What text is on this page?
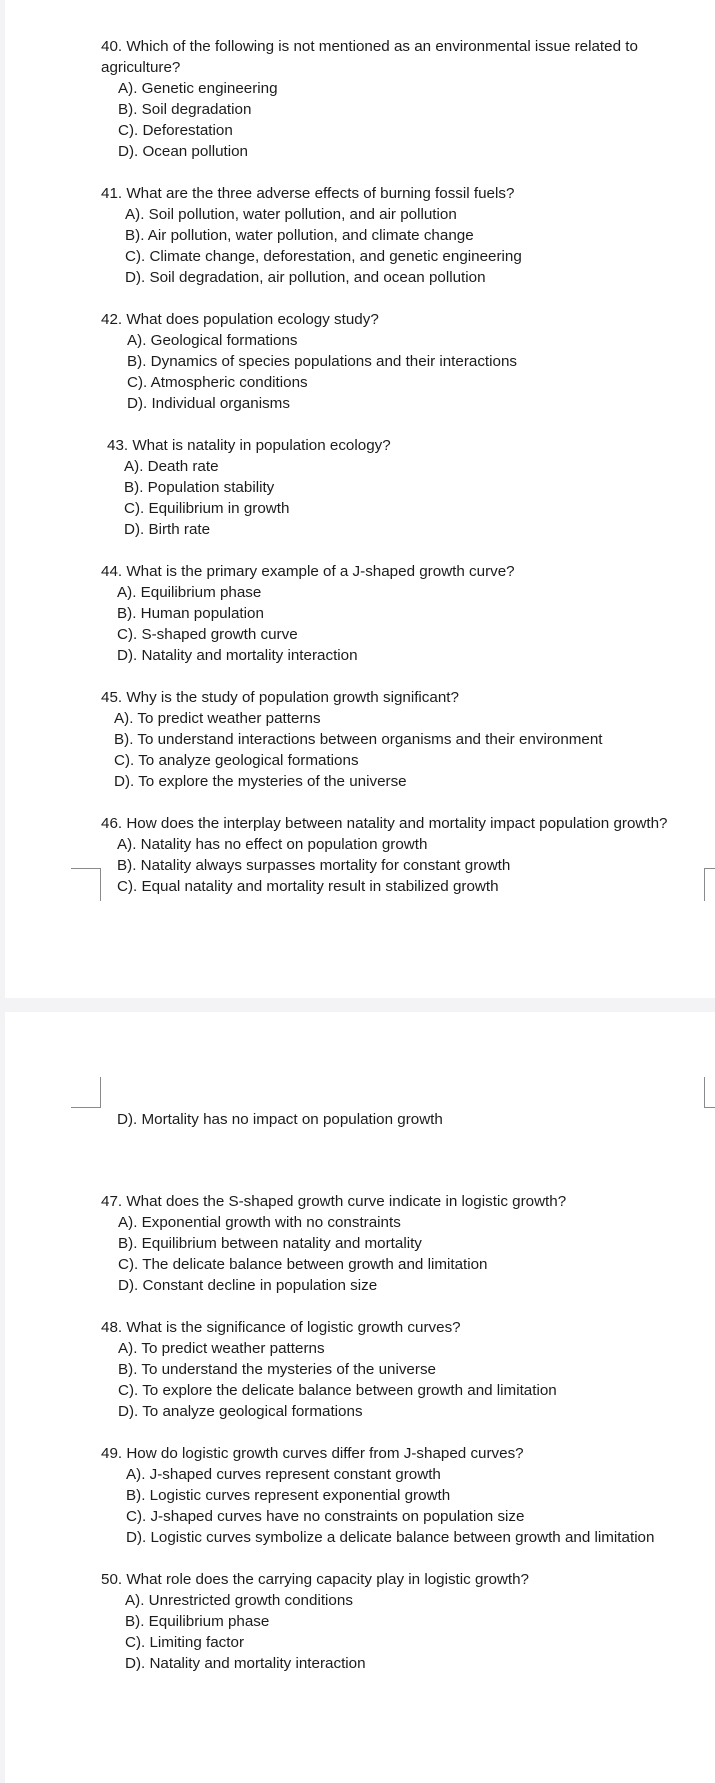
40. Which of the following is not mentioned as an environmental issue related to
agriculture?
A). Genetic engineering
B). Soil degradation
C). Deforestation
D). Ocean pollution
41. What are the three adverse effects of burning fossil fuels?
A). Soil pollution, water pollution, and air pollution
B). Air pollution, water pollution, and climate change
C). Climate change, deforestation, and genetic engineering
D). Soil degradation, air pollution, and ocean pollution
42. What does population ecology study?
A). Geological formations
B). Dynamics of species populations and their interactions
C). Atmospheric conditions
D). Individual organisms
43. What is natality in population ecology?
A). Death rate
B). Population stability
C). Equilibrium in growth
D). Birth rate
44. What is the primary example of a J-shaped growth curve?
A). Equilibrium phase
B). Human population
C). S-shaped growth curve
D). Natality and mortality interaction
45. Why is the study of population growth significant?
A). To predict weather patterns
B). To understand interactions between organisms and their environment
C). To analyze geological formations
D). To explore the mysteries of the universe
46. How does the interplay between natality and mortality impact population growth?
A). Natality has no effect on population growth
B). Natality always surpasses mortality for constant growth
C). Equal natality and mortality result in stabilized growth
D). Mortality has no impact on population growth
47. What does the S-shaped growth curve indicate in logistic growth?
A). Exponential growth with no constraints
B). Equilibrium between natality and mortality
C). The delicate balance between growth and limitation
D). Constant decline in population size
48. What is the significance of logistic growth curves?
A). To predict weather patterns
B). To understand the mysteries of the universe
C). To explore the delicate balance between growth and limitation
D). To analyze geological formations
49. How do logistic growth curves differ from J-shaped curves?
A). J-shaped curves represent constant growth
B). Logistic curves represent exponential growth
C). J-shaped curves have no constraints on population size
D). Logistic curves symbolize a delicate balance between growth and limitation
50. What role does the carrying capacity play in logistic growth?
A). Unrestricted growth conditions
B). Equilibrium phase
C). Limiting factor
D). Natality and mortality interaction
